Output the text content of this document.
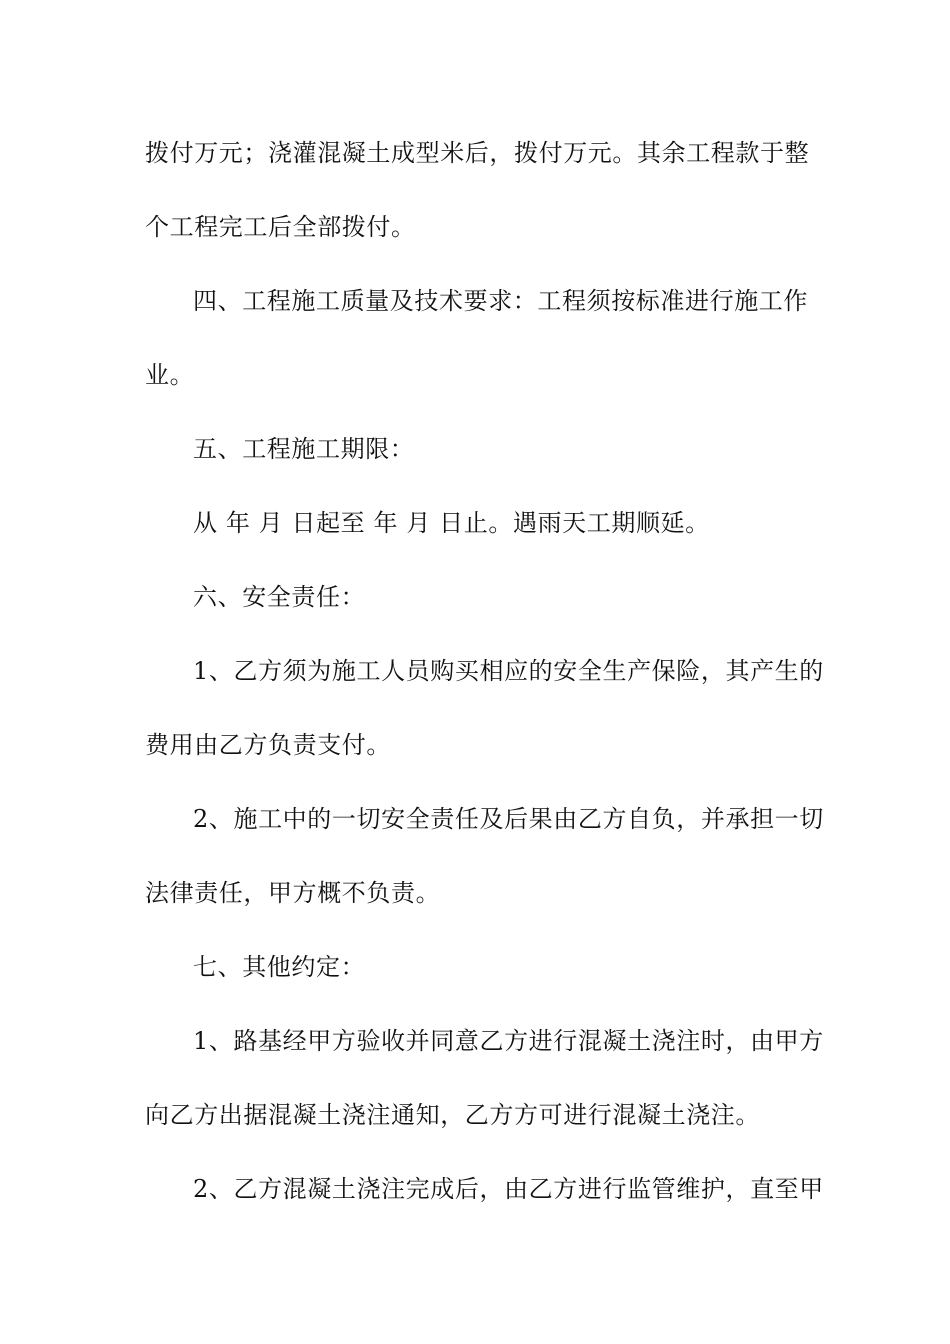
拨付万元；浇灌混凝土成型米后，拨付万元。其余工程款于整
个工程完工后全部拨付。
四、工程施工质量及技术要求：工程须按标准进行施工作
业。
五、工程施工期限：
从 年 月 日起至 年 月 日止。遇雨天工期顺延。
六、安全责任：
1、乙方须为施工人员购买相应的安全生产保险，其产生的
费用由乙方负责支付。
2、施工中的一切安全责任及后果由乙方自负，并承担一切
法律责任，甲方概不负责。
七、其他约定：
1、路基经甲方验收并同意乙方进行混凝土浇注时，由甲方
向乙方出据混凝土浇注通知，乙方方可进行混凝土浇注。
2、乙方混凝土浇注完成后，由乙方进行监管维护，直至甲
